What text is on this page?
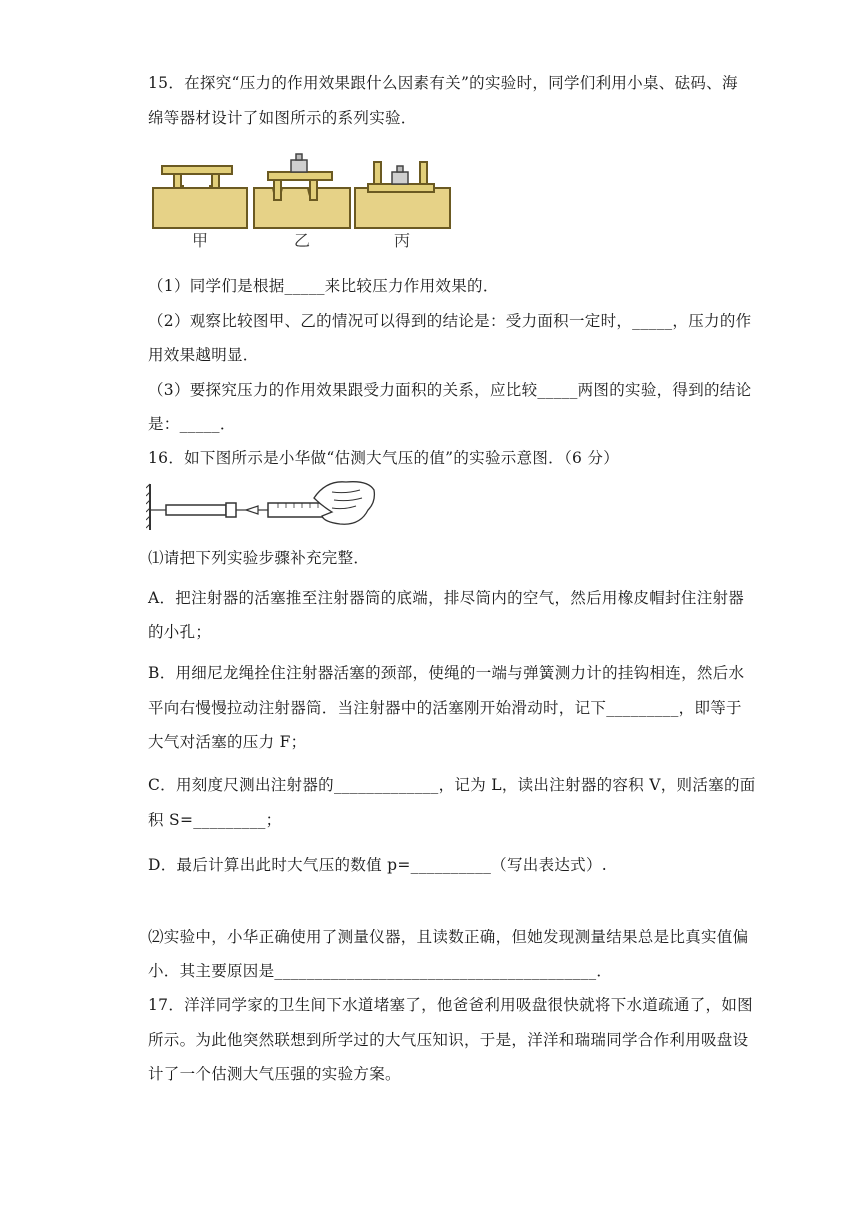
15．在探究“压力的作用效果跟什么因素有关”的实验时，同学们利用小桌、砝码、海
绵等器材设计了如图所示的系列实验．
甲	乙	丙
（1）同学们是根据_____来比较压力作用效果的．
（2）观察比较图甲、乙的情况可以得到的结论是：受力面积一定时，_____，压力的作
用效果越明显．
（3）要探究压力的作用效果跟受力面积的关系，应比较_____两图的实验，得到的结论
是：_____．
16．如下图所示是小华做“估测大气压的值”的实验示意图．（6 分）
⑴请把下列实验步骤补充完整．
A．把注射器的活塞推至注射器筒的底端，排尽筒内的空气，然后用橡皮帽封住注射器
的小孔；
B．用细尼龙绳拴住注射器活塞的颈部，使绳的一端与弹簧测力计的挂钩相连，然后水
平向右慢慢拉动注射器筒．当注射器中的活塞刚开始滑动时，记下_________，即等于
大气对活塞的压力 F；
C．用刻度尺测出注射器的_____________，记为 L，读出注射器的容积 V，则活塞的面
积 S=_________；
D．最后计算出此时大气压的数值 p=__________（写出表达式）.
⑵实验中，小华正确使用了测量仪器，且读数正确，但她发现测量结果总是比真实值偏
小．其主要原因是________________________________________．
17．洋洋同学家的卫生间下水道堵塞了，他爸爸利用吸盘很快就将下水道疏通了，如图
所示。为此他突然联想到所学过的大气压知识，于是，洋洋和瑞瑞同学合作利用吸盘设
计了一个估测大气压强的实验方案。
